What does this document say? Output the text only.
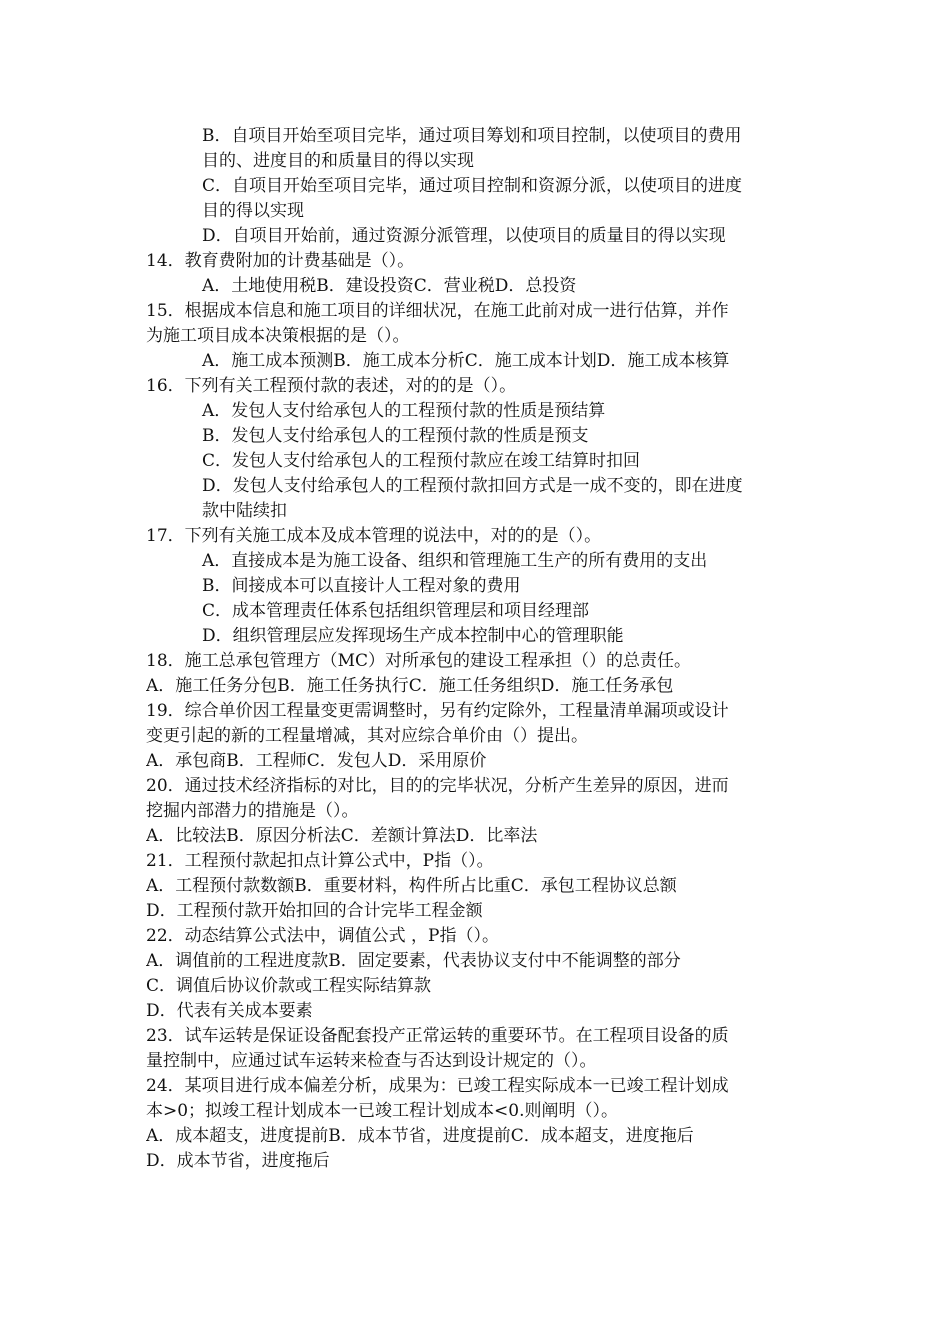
B．自项目开始至项目完毕，通过项目筹划和项目控制，以使项目的费用
目的、进度目的和质量目的得以实现
C．自项目开始至项目完毕，通过项目控制和资源分派，以使项目的进度
目的得以实现
D．自项目开始前，通过资源分派管理，以使项目的质量目的得以实现
14．教育费附加的计费基础是（）。
A．土地使用税B．建设投资C．营业税D．总投资
15．根据成本信息和施工项目的详细状况，在施工此前对成一进行估算，并作
为施工项目成本决策根据的是（）。
A．施工成本预测B．施工成本分析C．施工成本计划D．施工成本核算
16．下列有关工程预付款的表述，对的的是（）。
A．发包人支付给承包人的工程预付款的性质是预结算
B．发包人支付给承包人的工程预付款的性质是预支
C．发包人支付给承包人的工程预付款应在竣工结算时扣回
D．发包人支付给承包人的工程预付款扣回方式是一成不变的，即在进度
款中陆续扣
17．下列有关施工成本及成本管理的说法中，对的的是（）。
A．直接成本是为施工设备、组织和管理施工生产的所有费用的支出
B．间接成本可以直接计人工程对象的费用
C．成本管理责任体系包括组织管理层和项目经理部
D．组织管理层应发挥现场生产成本控制中心的管理职能
18．施工总承包管理方（MC）对所承包的建设工程承担（）的总责任。
A．施工任务分包B．施工任务执行C．施工任务组织D．施工任务承包
19．综合单价因工程量变更需调整时，另有约定除外，工程量清单漏项或设计
变更引起的新的工程量增减，其对应综合单价由（）提出。
A．承包商B．工程师C．发包人D．采用原价
20．通过技术经济指标的对比，目的的完毕状况，分析产生差异的原因，进而
挖掘内部潜力的措施是（）。
A．比较法B．原因分析法C．差额计算法D．比率法
21．工程预付款起扣点计算公式中，P指（）。
A．工程预付款数额B．重要材料，构件所占比重C．承包工程协议总额
D．工程预付款开始扣回的合计完毕工程金额
22．动态结算公式法中，调值公式 ，P指（）。
A．调值前的工程进度款B．固定要素，代表协议支付中不能调整的部分
C．调值后协议价款或工程实际结算款
D．代表有关成本要素
23．试车运转是保证设备配套投产正常运转的重要环节。在工程项目设备的质
量控制中，应通过试车运转来检查与否达到设计规定的（）。
24．某项目进行成本偏差分析，成果为：已竣工程实际成本一已竣工程计划成
本>0；拟竣工程计划成本一已竣工程计划成本<0.则阐明（）。
A．成本超支，进度提前B．成本节省，进度提前C．成本超支，进度拖后
D．成本节省，进度拖后
